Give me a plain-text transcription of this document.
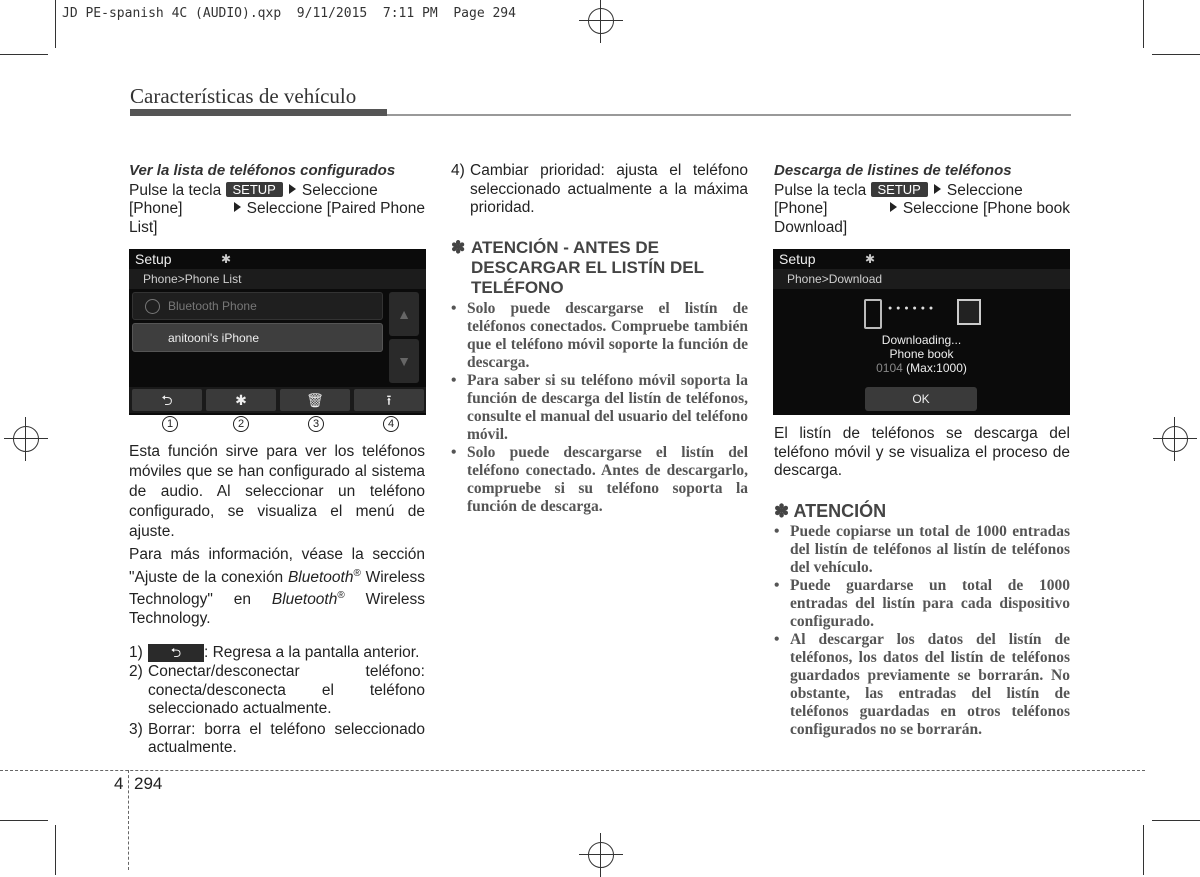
JD PE-spanish 4C (AUDIO).qxp  9/11/2015  7:11 PM  Page 294
Características de vehículo
Ver la lista de teléfonos configurados
Pulse la tecla SETUP Seleccione
[Phone]	Seleccione [Paired Phone
List]
Setup	✱
Phone>Phone List
Bluetooth Phone
anitooni's iPhone
▲
▼
⮌	✱	🗑	⭱
1	2	3	4
Esta función sirve para ver los teléfonos móviles que se han configurado al sistema de audio. Al seleccionar un teléfono configurado, se visualiza el menú de ajuste.
Para más información, véase la sección "Ajuste de la conexión Bluetooth® Wireless Technology" en Bluetooth® Wireless Technology.
1)	⮌	: Regresa a la pantalla anterior.
2) Conectar/desconectar teléfono: conecta/desconecta el teléfono seleccionado actualmente.
3) Borrar: borra el teléfono seleccionado actualmente.
4) Cambiar prioridad: ajusta el teléfono seleccionado actualmente a la máxima prioridad.
✽ ATENCIÓN - ANTES DE DESCARGAR EL LISTÍN DEL TELÉFONO
• Solo puede descargarse el listín de teléfonos conectados. Compruebe también que el teléfono móvil soporte la función de descarga.
• Para saber si su teléfono móvil soporta la función de descarga del listín de teléfonos, consulte el manual del usuario del teléfono móvil.
• Solo puede descargarse el listín del teléfono conectado. Antes de descargarlo, compruebe si su teléfono soporta la función de descarga.
Descarga de listines de teléfonos
Pulse la tecla SETUP Seleccione
[Phone]	Seleccione [Phone book
Download]
Setup	✱
Phone>Download
● ● ● ● ● ●
Downloading...
Phone book
0104 (Max:1000)
OK
El listín de teléfonos se descarga del teléfono móvil y se visualiza el proceso de descarga.
✽ ATENCIÓN
• Puede copiarse un total de 1000 entradas del listín de teléfonos al listín de teléfonos del vehículo.
• Puede guardarse un total de 1000 entradas del listín para cada dispositivo configurado.
• Al descargar los datos del listín de teléfonos, los datos del listín de teléfonos guardados previamente se borrarán. No obstante, las entradas del listín de teléfonos guardadas en otros teléfonos configurados no se borrarán.
4 294
